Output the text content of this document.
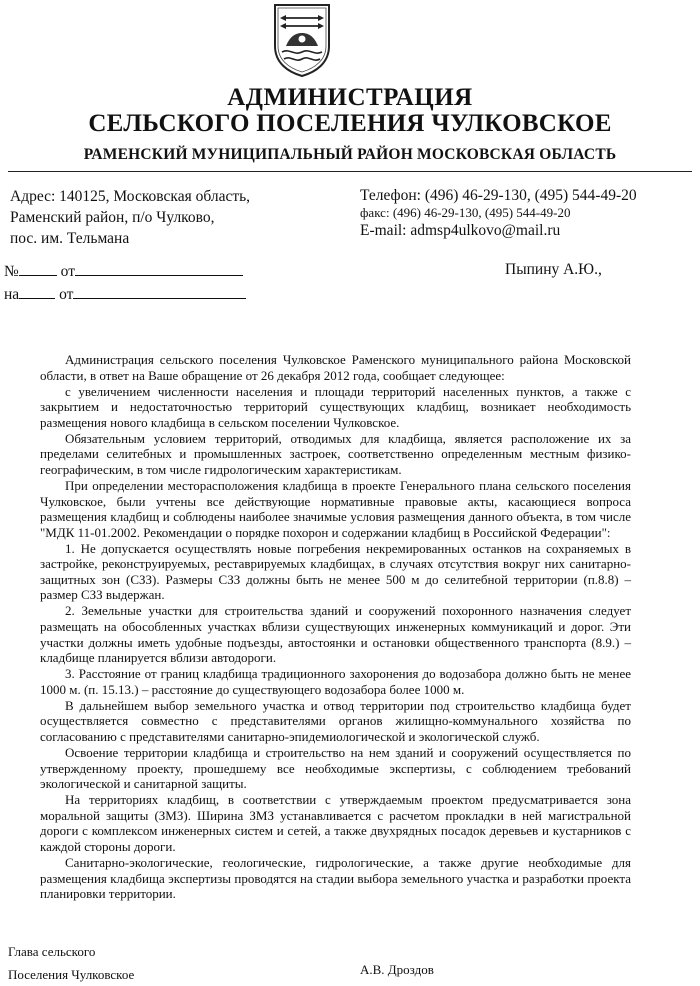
АДМИНИСТРАЦИЯ
СЕЛЬСКОГО ПОСЕЛЕНИЯ ЧУЛКОВСКОЕ
РАМЕНСКИЙ МУНИЦИПАЛЬНЫЙ РАЙОН МОСКОВСКАЯ ОБЛАСТЬ
Адрес: 140125, Московская область,
Раменский район, п/о Чулково,
пос. им. Тельмана
Телефон: (496) 46-29-130, (495) 544-49-20
факс: (496) 46-29-130, (495) 544-49-20
E-mail: admsp4ulkovo@mail.ru
№	от
на	от
Пыпину А.Ю.,

Администрация сельского поселения Чулковское Раменского муниципального района Московской области, в ответ на Ваше обращение от 26 декабря 2012 года, сообщает следующее:

с увеличением численности населения и площади территорий населенных пунктов, а также с закрытием и недостаточностью территорий существующих кладбищ, возникает необходимость размещения нового кладбища в сельском поселении Чулковское.

Обязательным условием территорий, отводимых для кладбища, является расположение их за пределами селитебных и промышленных застроек, соответственно определенным местным физико-географическим, в том числе гидрологическим характеристикам.

При определении месторасположения кладбища в проекте Генерального плана сельского поселения Чулковское, были учтены все действующие нормативные правовые акты, касающиеся вопроса размещения кладбищ и соблюдены наиболее значимые условия размещения данного объекта, в том числе "МДК 11-01.2002. Рекомендации о порядке похорон и содержании кладбищ в Российской Федерации":

1. Не допускается осуществлять новые погребения некремированных останков на сохраняемых в застройке, реконструируемых, реставрируемых кладбищах, в случаях отсутствия вокруг них санитарно-защитных зон (СЗЗ). Размеры СЗЗ должны быть не менее 500 м до селитебной территории (п.8.8) – размер СЗЗ выдержан.

2. Земельные участки для строительства зданий и сооружений похоронного назначения следует размещать на обособленных участках вблизи существующих инженерных коммуникаций и дорог. Эти участки должны иметь удобные подъезды, автостоянки и остановки общественного транспорта (8.9.) – кладбище планируется вблизи автодороги.

3. Расстояние от границ кладбища традиционного захоронения до водозабора должно быть не менее 1000 м. (п. 15.13.) – расстояние до существующего водозабора более 1000 м.

В дальнейшем выбор земельного участка и отвод территории под строительство кладбища будет осуществляется совместно с представителями органов жилищно-коммунального хозяйства по согласованию с представителями санитарно-эпидемиологической и экологической служб.

Освоение территории кладбища и строительство на нем зданий и сооружений осуществляется по утвержденному проекту, прошедшему все необходимые экспертизы, с соблюдением требований экологической и санитарной защиты.

На территориях кладбищ, в соответствии с утверждаемым проектом предусматривается зона моральной защиты (ЗМЗ). Ширина ЗМЗ устанавливается с расчетом прокладки в ней магистральной дороги с комплексом инженерных систем и сетей, а также двухрядных посадок деревьев и кустарников с каждой стороны дороги.

Санитарно-экологические, геологические, гидрологические, а также другие необходимые для размещения кладбища экспертизы проводятся на стадии выбора земельного участка и разработки проекта планировки территории.

Глава сельского
Поселения Чулковское	А.В. Дроздов
